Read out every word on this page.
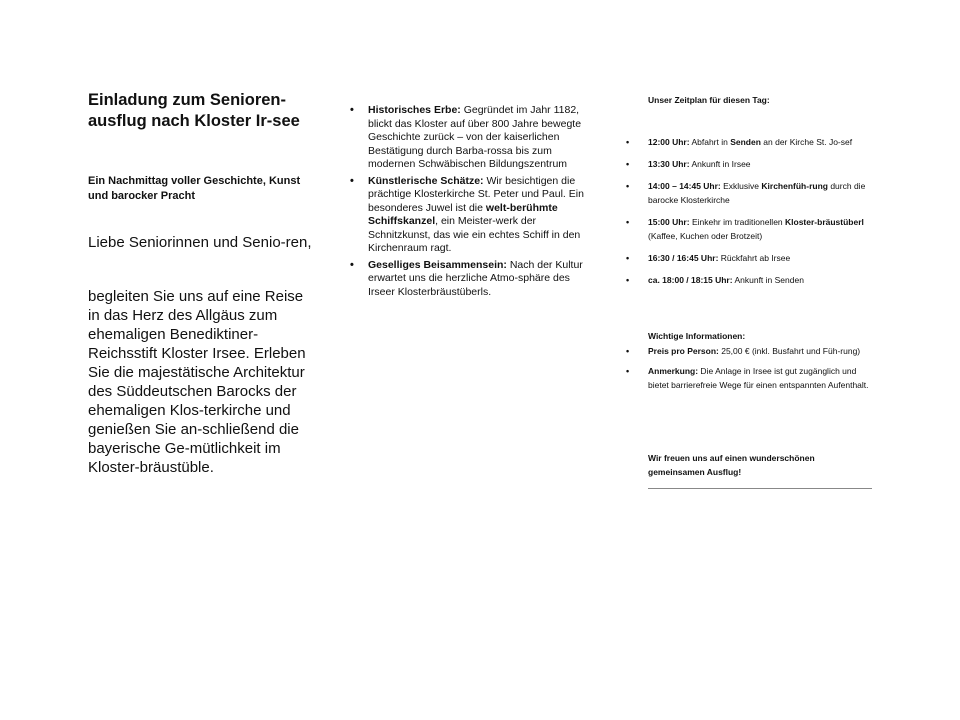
Einladung zum Senioren-ausflug nach Kloster Ir-see

Ein Nachmittag voller Geschichte, Kunst und barocker Pracht

Liebe Seniorinnen und Senio-ren,

begleiten Sie uns auf eine Reise in das Herz des Allgäus zum ehemaligen Benediktiner-Reichsstift Kloster Irsee. Erleben Sie die majestätische Architektur des Süddeutschen Barocks der ehemaligen Klos-terkirche und genießen Sie an-schließend die bayerische Ge-mütlichkeit im Kloster-bräustüble.

• Historisches Erbe: Gegründet im Jahr 1182, blickt das Kloster auf über 800 Jahre bewegte Geschichte zurück – von der kaiserlichen Bestätigung durch Barba-rossa bis zum modernen Schwäbischen Bildungszentrum
• Künstlerische Schätze: Wir besichtigen die prächtige Klosterkirche St. Peter und Paul. Ein besonderes Juwel ist die welt-berühmte Schiffskanzel, ein Meister-werk der Schnitzkunst, das wie ein echtes Schiff in den Kirchenraum ragt.
• Geselliges Beisammensein: Nach der Kultur erwartet uns die herzliche Atmo-sphäre des Irseer Klosterbräustüberls.

Unser Zeitplan für diesen Tag:

• 12:00 Uhr: Abfahrt in Senden an der Kirche St. Jo-sef
• 13:30 Uhr: Ankunft in Irsee
• 14:00 – 14:45 Uhr: Exklusive Kirchenfüh-rung durch die barocke Klosterkirche
• 15:00 Uhr: Einkehr im traditionellen Kloster-bräustüberl (Kaffee, Kuchen oder Brotzeit)
• 16:30 / 16:45 Uhr: Rückfahrt ab Irsee
• ca. 18:00 / 18:15 Uhr: Ankunft in Senden

Wichtige Informationen:

• Preis pro Person: 25,00 € (inkl. Busfahrt und Füh-rung)
• Anmerkung: Die Anlage in Irsee ist gut zugänglich und bietet barrierefreie Wege für einen entspannten Aufenthalt.

Wir freuen uns auf einen wunderschönen gemeinsamen Ausflug!
